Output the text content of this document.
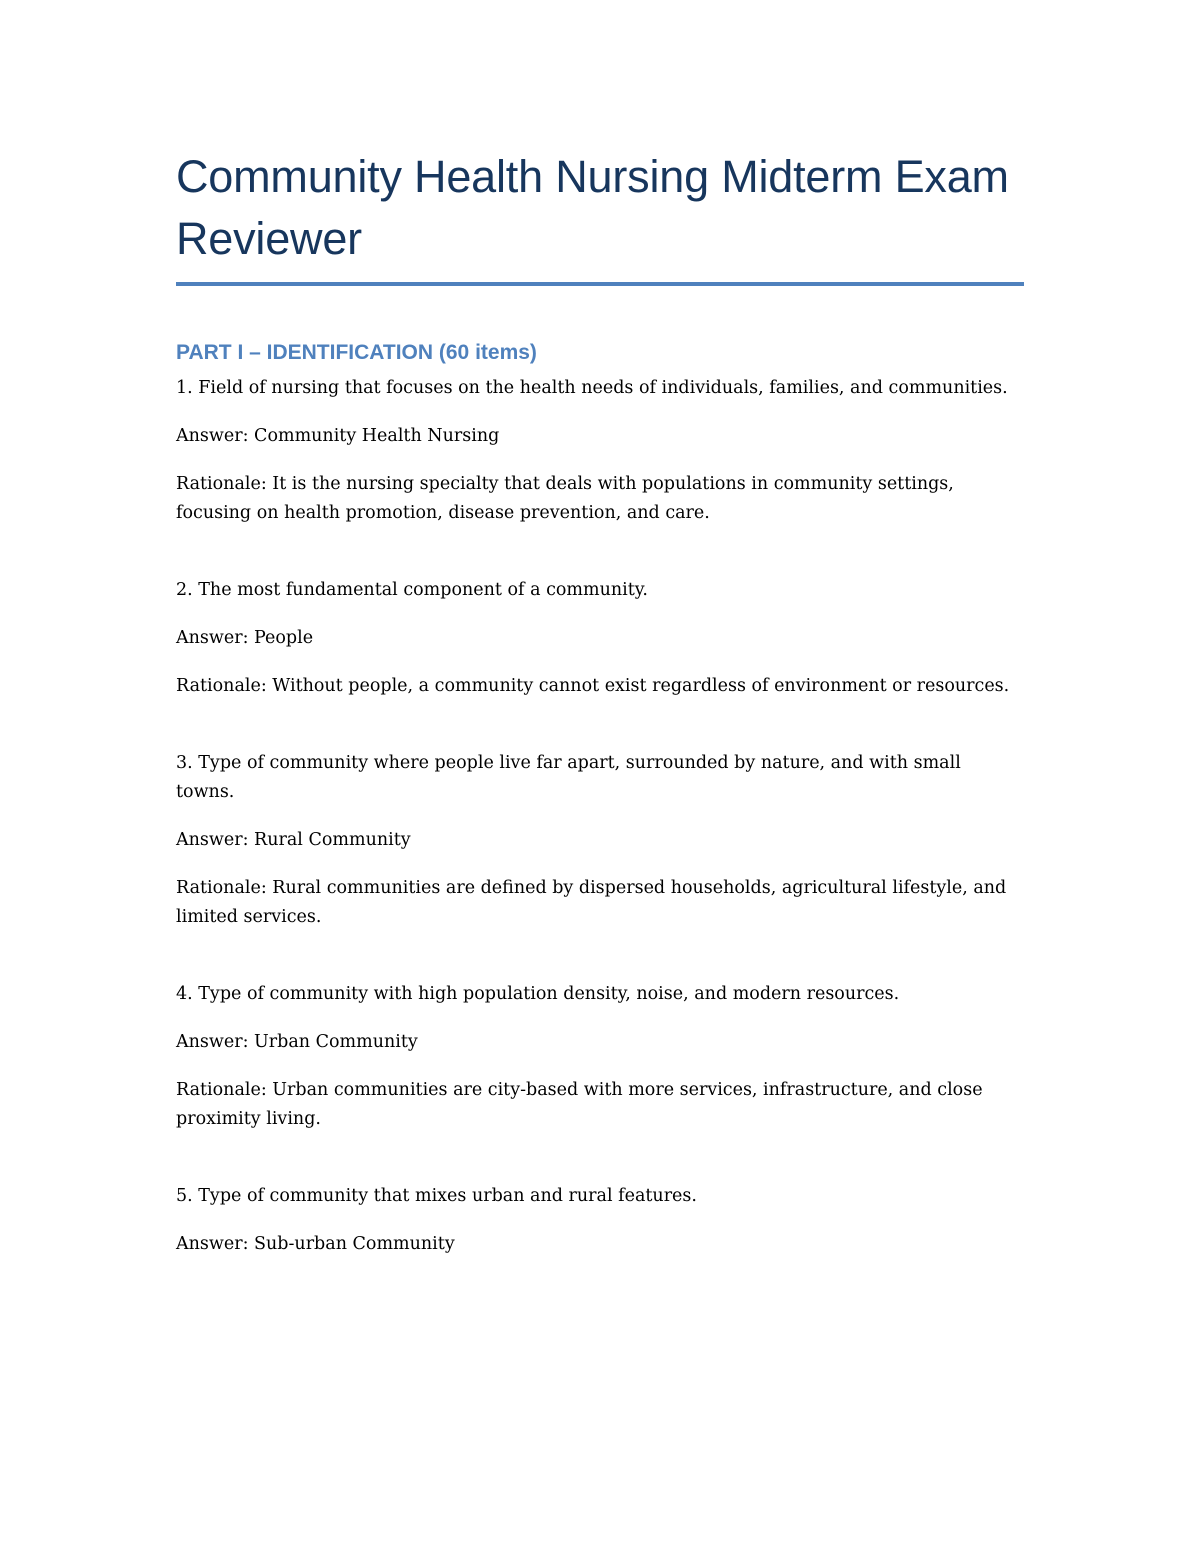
Community Health Nursing Midterm Exam Reviewer
PART I – IDENTIFICATION (60 items)

1. Field of nursing that focuses on the health needs of individuals, families, and communities.

Answer: Community Health Nursing

Rationale: It is the nursing specialty that deals with populations in community settings, focusing on health promotion, disease prevention, and care.

2. The most fundamental component of a community.

Answer: People

Rationale: Without people, a community cannot exist regardless of environment or resources.

3. Type of community where people live far apart, surrounded by nature, and with small towns.

Answer: Rural Community

Rationale: Rural communities are defined by dispersed households, agricultural lifestyle, and limited services.

4. Type of community with high population density, noise, and modern resources.

Answer: Urban Community

Rationale: Urban communities are city-based with more services, infrastructure, and close proximity living.

5. Type of community that mixes urban and rural features.

Answer: Sub-urban Community
